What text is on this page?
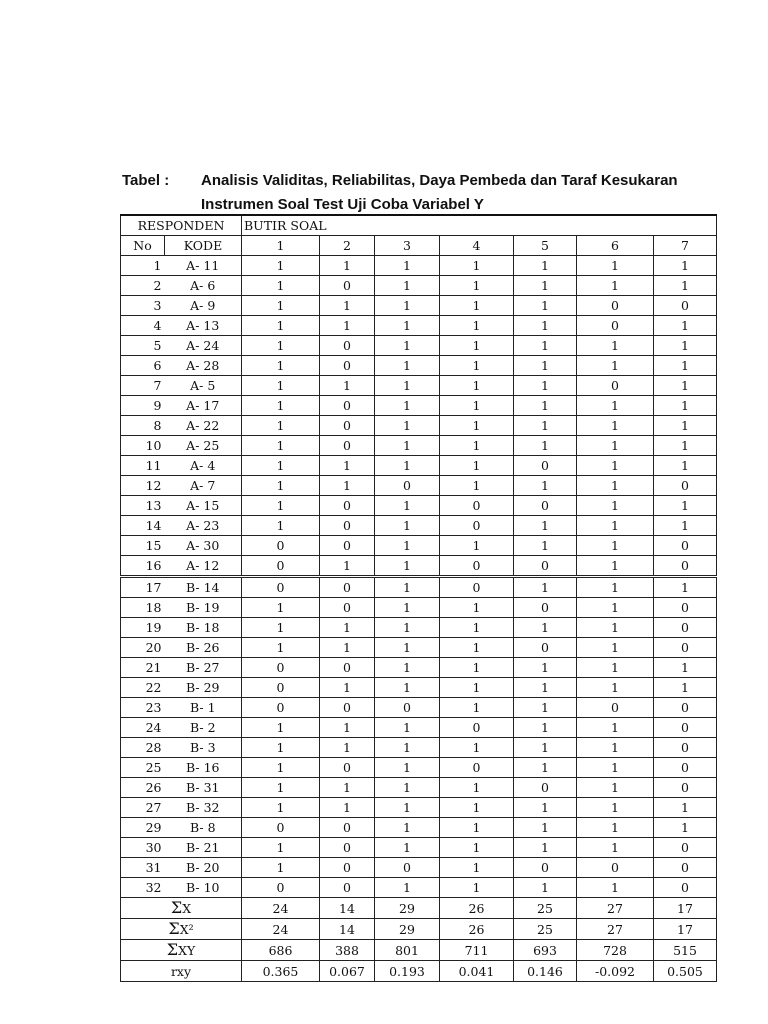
Tabel : Analisis Validitas, Reliabilitas, Daya Pembeda dan Taraf Kesukaran
Instrumen Soal Test Uji Coba Variabel Y
RESPONDEN		BUTIR SOAL						
No	KODE	1	2	3	4	5	6	7
1	A- 11	1	1	1	1	1	1	1
2	A- 6	1	0	1	1	1	1	1
3	A- 9	1	1	1	1	1	0	0
4	A- 13	1	1	1	1	1	0	1
5	A- 24	1	0	1	1	1	1	1
6	A- 28	1	0	1	1	1	1	1
7	A- 5	1	1	1	1	1	0	1
9	A- 17	1	0	1	1	1	1	1
8	A- 22	1	0	1	1	1	1	1
10	A- 25	1	0	1	1	1	1	1
11	A- 4	1	1	1	1	0	1	1
12	A- 7	1	1	0	1	1	1	0
13	A- 15	1	0	1	0	0	1	1
14	A- 23	1	0	1	0	1	1	1
15	A- 30	0	0	1	1	1	1	0
16	A- 12	0	1	1	0	0	1	0
17	B- 14	0	0	1	0	1	1	1
18	B- 19	1	0	1	1	0	1	0
19	B- 18	1	1	1	1	1	1	0
20	B- 26	1	1	1	1	0	1	0
21	B- 27	0	0	1	1	1	1	1
22	B- 29	0	1	1	1	1	1	1
23	B- 1	0	0	0	1	1	0	0
24	B- 2	1	1	1	0	1	1	0
28	B- 3	1	1	1	1	1	1	0
25	B- 16	1	0	1	0	1	1	0
26	B- 31	1	1	1	1	0	1	0
27	B- 32	1	1	1	1	1	1	1
29	B- 8	0	0	1	1	1	1	1
30	B- 21	1	0	1	1	1	1	0
31	B- 20	1	0	0	1	0	0	0
32	B- 10	0	0	1	1	1	1	0
ΣX		24	14	29	26	25	27	17
ΣX²		24	14	29	26	25	27	17
ΣXY		686	388	801	711	693	728	515
rxy		0.365	0.067	0.193	0.041	0.146	-0.092	0.505
